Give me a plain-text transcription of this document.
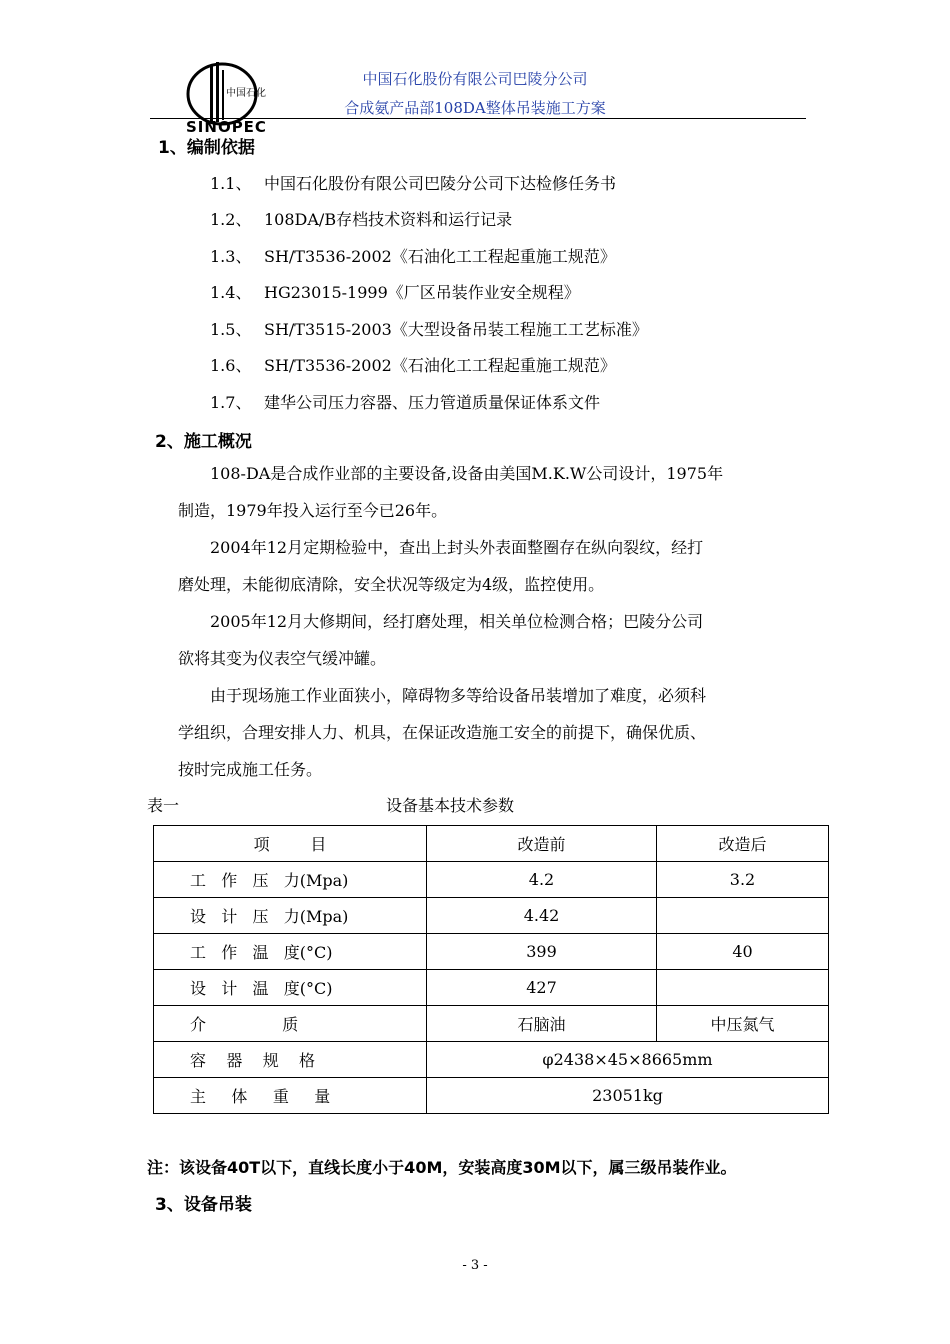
中国石化
SINOPEC
中国石化股份有限公司巴陵分公司
合成氨产品部108DA整体吊装施工方案
1、编制依据
1.1、 中国石化股份有限公司巴陵分公司下达检修任务书
1.2、 108DA/B存档技术资料和运行记录
1.3、 SH/T3536-2002《石油化工工程起重施工规范》
1.4、 HG23015-1999《厂区吊装作业安全规程》
1.5、 SH/T3515-2003《大型设备吊装工程施工工艺标准》
1.6、 SH/T3536-2002《石油化工工程起重施工规范》
1.7、 建华公司压力容器、压力管道质量保证体系文件
2、施工概况
108-DA是合成作业部的主要设备,设备由美国M.K.W公司设计，1975年
制造，1979年投入运行至今已26年。
2004年12月定期检验中，查出上封头外表面整圈存在纵向裂纹，经打
磨处理，未能彻底清除，安全状况等级定为4级，监控使用。
2005年12月大修期间，经打磨处理，相关单位检测合格；巴陵分公司
欲将其变为仪表空气缓冲罐。
由于现场施工作业面狭小，障碍物多等给设备吊装增加了难度，必须科
学组织，合理安排人力、机具，在保证改造施工安全的前提下，确保优质、
按时完成施工任务。
表一	设备基本技术参数
项        目	改造前	改造后
工   作   压   力(Mpa)	4.2	3.2
设   计   压   力(Mpa)	4.42	
工   作   温   度(°C)	399	40
设   计   温   度(°C)	427	
介               质	石脑油	中压氮气
容    器    规    格	φ2438×45×8665mm	
主     体     重     量	23051kg	
注：该设备40T以下，直线长度小于40M，安装高度30M以下，属三级吊装作业。
3、设备吊装
- 3 -
